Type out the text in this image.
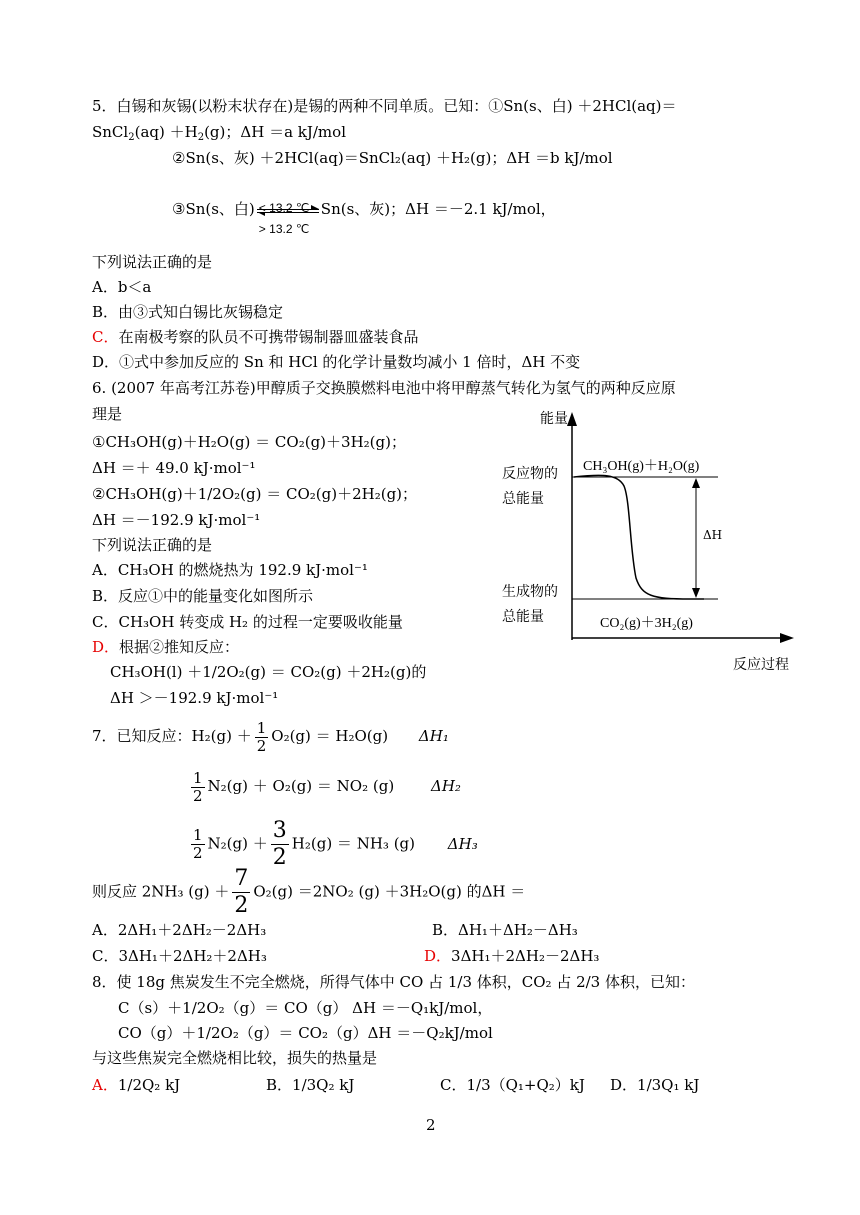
5．白锡和灰锡(以粉末状存在)是锡的两种不同单质。已知：①Sn(s、白) ＋2HCl(aq)＝
SnCl$_2$(aq) $+H_2(g)$；ΔH ＝a kJ/mol
②Sn(s、灰) ＋2HCl(aq)＝SnCl₂(aq) ＋H₂(g)；ΔH ＝b kJ/mol
③Sn(s、白) < 13.2 ℃
> 13.2 ℃
Sn(s、灰)；ΔH ＝－2.1 kJ/mol，
下列说法正确的是
A．b＜a
B．由③式知白锡比灰锡稳定
C．在南极考察的队员不可携带锡制器皿盛装食品
D．①式中参加反应的 Sn 和 HCl 的化学计量数均减小 1 倍时，ΔH 不变
6. (2007 年高考江苏卷)甲醇质子交换膜燃料电池中将甲醇蒸气转化为氢气的两种反应原
理是
①CH₃OH(g)＋H₂O(g) ＝ CO₂(g)＋3H₂(g)；
ΔH ＝＋ 49.0 kJ·mol⁻¹
②CH₃OH(g)＋1/2O₂(g) ＝ CO₂(g)＋2H₂(g)；
ΔH ＝－192.9 kJ·mol⁻¹
下列说法正确的是
A．CH₃OH 的燃烧热为 192.9 kJ·mol⁻¹
B．反应①中的能量变化如图所示
C．CH₃OH 转变成 H₂ 的过程一定要吸收能量
D．根据②推知反应：
CH₃OH(l) ＋1/2O₂(g) ＝ CO₂(g) ＋2H₂(g)的
ΔH ＞－192.9 kJ·mol⁻¹
能量
反应过程
反应物的
总能量
生成物的
总能量
CH₃OH(g)＋H₂O(g)
CO₂(g)＋3H₂(g)
ΔH
7．已知反应：$H_2(g) + \frac{1}{2} O_2(g) = H_2O(g)$ ΔH₁
$\frac{1}{2} N_2(g) + O_2(g) = NO_2$ (g) ΔH₂
$\frac{1}{2} N_2(g) + \frac{3}{2} H_2(g) = NH_3$ (g) ΔH₃
则反应 2NH₃ $(g) + \frac{7}{2} O_2(g) =2NO_2$ (g) ＋3H₂O(g) 的ΔH ＝
A．2ΔH₁＋2ΔH₂－2ΔH₃	B．ΔH₁＋ΔH₂－ΔH₃
C．3ΔH₁＋2ΔH₂＋2ΔH₃	D．3ΔH₁＋2ΔH₂－2ΔH₃
8．使 18g 焦炭发生不完全燃烧，所得气体中 CO 占 1/3 体积，CO₂ 占 2/3 体积，已知：
C（s）＋1/2O₂（g）＝ CO（g） ΔH ＝－Q₁kJ/mol，
CO（g）＋1/2O₂（g）＝ CO₂（g）ΔH ＝－Q₂kJ/mol
与这些焦炭完全燃烧相比较，损失的热量是
A．1/2Q₂ kJ	B．1/3Q₂ kJ	C．1/3（Q₁+Q₂）kJ D．1/3Q₁ kJ
2
